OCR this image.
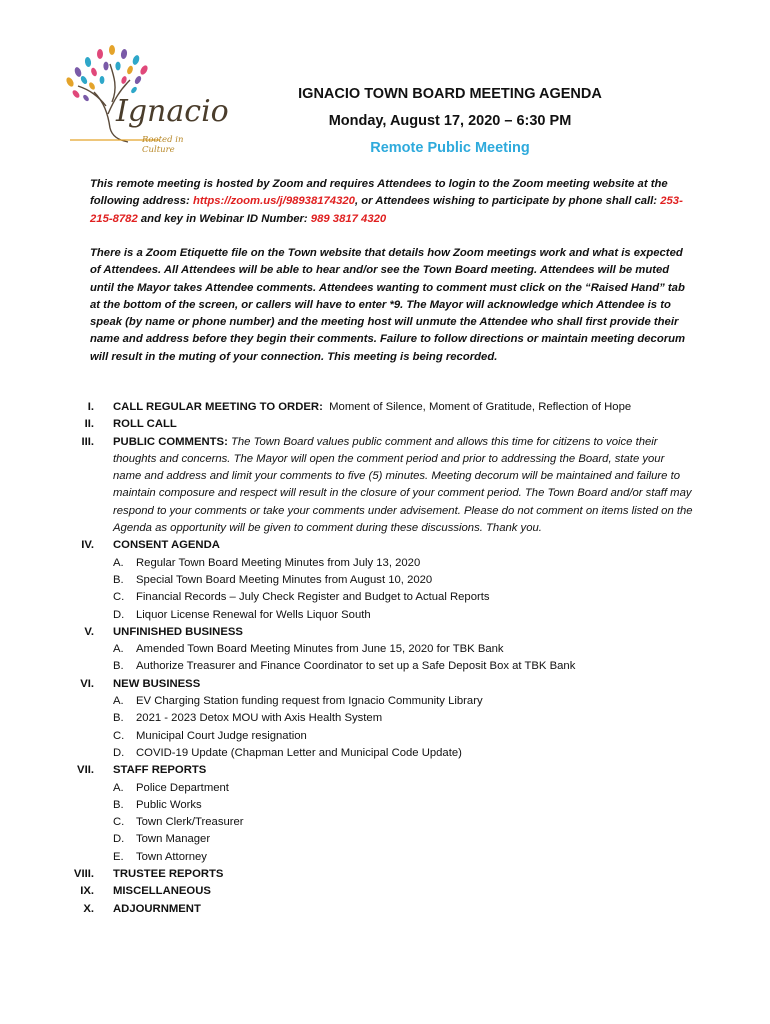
Ignacio
Rooted in Culture
IGNACIO TOWN BOARD MEETING AGENDA
Monday, August 17, 2020 – 6:30 PM
Remote Public Meeting
This remote meeting is hosted by Zoom and requires Attendees to login to the Zoom meeting website at the following address: https://zoom.us/j/98938174320, or Attendees wishing to participate by phone shall call: 253-215-8782 and key in Webinar ID Number: 989 3817 4320
There is a Zoom Etiquette file on the Town website that details how Zoom meetings work and what is expected of Attendees. All Attendees will be able to hear and/or see the Town Board meeting. Attendees will be muted until the Mayor takes Attendee comments. Attendees wanting to comment must click on the “Raised Hand” tab at the bottom of the screen, or callers will have to enter *9. The Mayor will acknowledge which Attendee is to speak (by name or phone number) and the meeting host will unmute the Attendee who shall first provide their name and address before they begin their comments. Failure to follow directions or maintain meeting decorum will result in the muting of your connection. This meeting is being recorded.
I. CALL REGULAR MEETING TO ORDER:  Moment of Silence, Moment of Gratitude, Reflection of Hope
II. ROLL CALL
III. PUBLIC COMMENTS: The Town Board values public comment and allows this time for citizens to voice their thoughts and concerns. The Mayor will open the comment period and prior to addressing the Board, state your name and address and limit your comments to five (5) minutes. Meeting decorum will be maintained and failure to maintain composure and respect will result in the closure of your comment period. The Town Board and/or staff may respond to your comments or take your comments under advisement. Please do not comment on items listed on the Agenda as opportunity will be given to comment during these discussions. Thank you.
IV. CONSENT AGENDA
A. Regular Town Board Meeting Minutes from July 13, 2020
B. Special Town Board Meeting Minutes from August 10, 2020
C. Financial Records – July Check Register and Budget to Actual Reports
D. Liquor License Renewal for Wells Liquor South
V. UNFINISHED BUSINESS
A. Amended Town Board Meeting Minutes from June 15, 2020 for TBK Bank
B. Authorize Treasurer and Finance Coordinator to set up a Safe Deposit Box at TBK Bank
VI. NEW BUSINESS
A. EV Charging Station funding request from Ignacio Community Library
B. 2021 - 2023 Detox MOU with Axis Health System
C. Municipal Court Judge resignation
D. COVID-19 Update (Chapman Letter and Municipal Code Update)
VII. STAFF REPORTS
A. Police Department
B. Public Works
C. Town Clerk/Treasurer
D. Town Manager
E. Town Attorney
VIII. TRUSTEE REPORTS
IX. MISCELLANEOUS
X. ADJOURNMENT
